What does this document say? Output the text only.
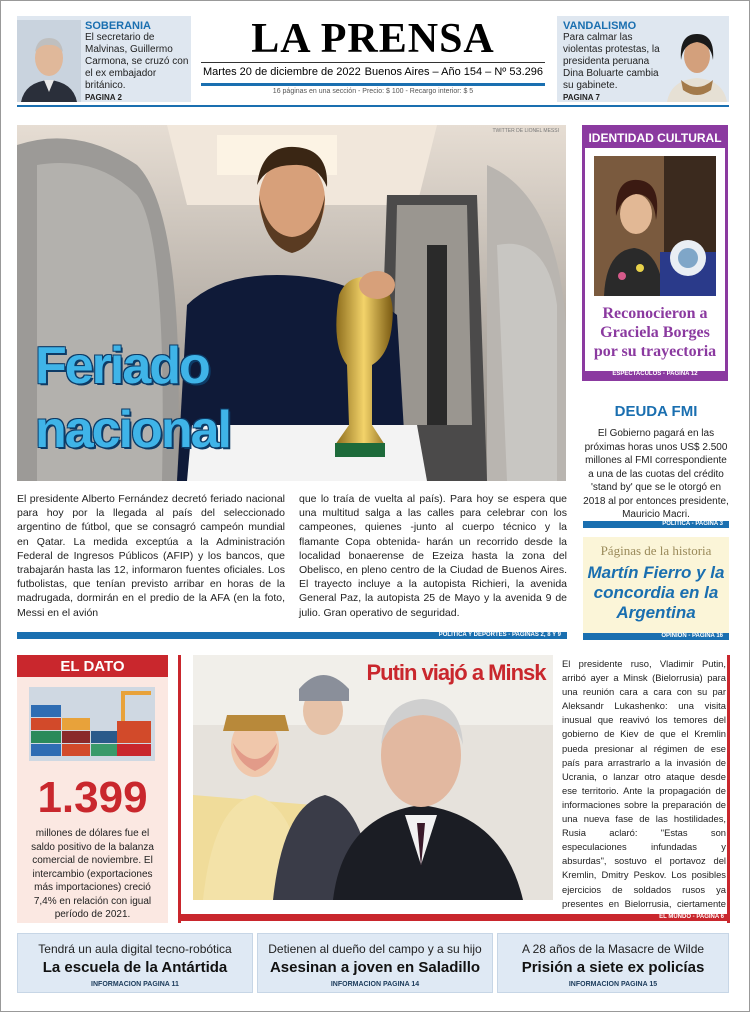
SOBERANIA
El secretario de Malvinas, Guillermo Carmona, se cruzó con el ex embajador británico.
PAGINA 2
LA PRENSA
Martes 20 de diciembre de 2022 Buenos Aires – Año 154 – Nº 53.296
16 páginas en una sección - Precio: $ 100 - Recargo interior: $ 5
VANDALISMO
Para calmar las violentas protestas, la presidenta peruana Dina Boluarte cambia su gabinete.
PAGINA 7
TWITTER DE LIONEL MESSI
Feriado
nacional
El presidente Alberto Fernández decretó feriado nacional para hoy por la llegada al país del seleccionado argentino de fútbol, que se consagró campeón mundial en Qatar. La medida exceptúa a la Administración Federal de Ingresos Públicos (AFIP) y los bancos, que trabajarán hasta las 12, informaron fuentes oficiales. Los futbolistas, que tenían previsto arribar en horas de la madrugada, dormirán en el predio de la AFA (en la foto, Messi en el avión
que lo traía de vuelta al país). Para hoy se espera que una multitud salga a las calles para celebrar con los campeones, quienes -junto al cuerpo técnico y la flamante Copa obtenida- harán un recorrido desde la localidad bonaerense de Ezeiza hasta la zona del Obelisco, en pleno centro de la Ciudad de Buenos Aires. El trayecto incluye a la autopista Richieri, la avenida General Paz, la autopista 25 de Mayo y la avenida 9 de julio. Gran operativo de seguridad.
POLITICA Y DEPORTES - PAGINAS 2, 8 Y 9
IDENTIDAD CULTURAL
Reconocieron a Graciela Borges por su trayectoria
ESPECTACULOS - PAGINA 12
DEUDA FMI
El Gobierno pagará en las próximas horas unos US$ 2.500 millones al FMI correspondiente a una de las cuotas del crédito 'stand by' que se le otorgó en 2018 al por entonces presidente, Mauricio Macri.
POLITICA - PAGINA 3
Páginas de la historia
Martín Fierro y la concordia en la Argentina
OPINION - PAGINA 16
EL DATO
1.399
millones de dólares fue el saldo positivo de la balanza comercial de noviembre. El intercambio (exportaciones más importaciones) creció 7,4% en relación con igual período de 2021.
Putin viajó a Minsk El presidente ruso, Vladimir Putin, arribó ayer a Minsk (Bielorrusia) para una reunión cara a cara con su par Aleksandr Lukashenko: una visita inusual que reavivó los temores del gobierno de Kiev de que el Kremlin pueda presionar al régimen de ese país para arrastrarlo a la invasión de Ucrania, o lanzar otro ataque desde ese territorio. Ante la propagación de informaciones sobre la preparación de una nueva fase de las hostilidades, Rusia aclaró: "Estas son especulaciones infundadas y absurdas", sostuvo el portavoz del Kremlin, Dmitry Peskov. Los posibles ejercicios de soldados rusos ya presentes en Bielorrusia, ciertamente
EL MUNDO - PAGINA 6
Tendrá un aula digital tecno-robótica
La escuela de la Antártida
INFORMACION PAGINA 11
Detienen al dueño del campo y a su hijo
Asesinan a joven en Saladillo
INFORMACION PAGINA 14
A 28 años de la Masacre de Wilde
Prisión a siete ex policías
INFORMACION PAGINA 15
